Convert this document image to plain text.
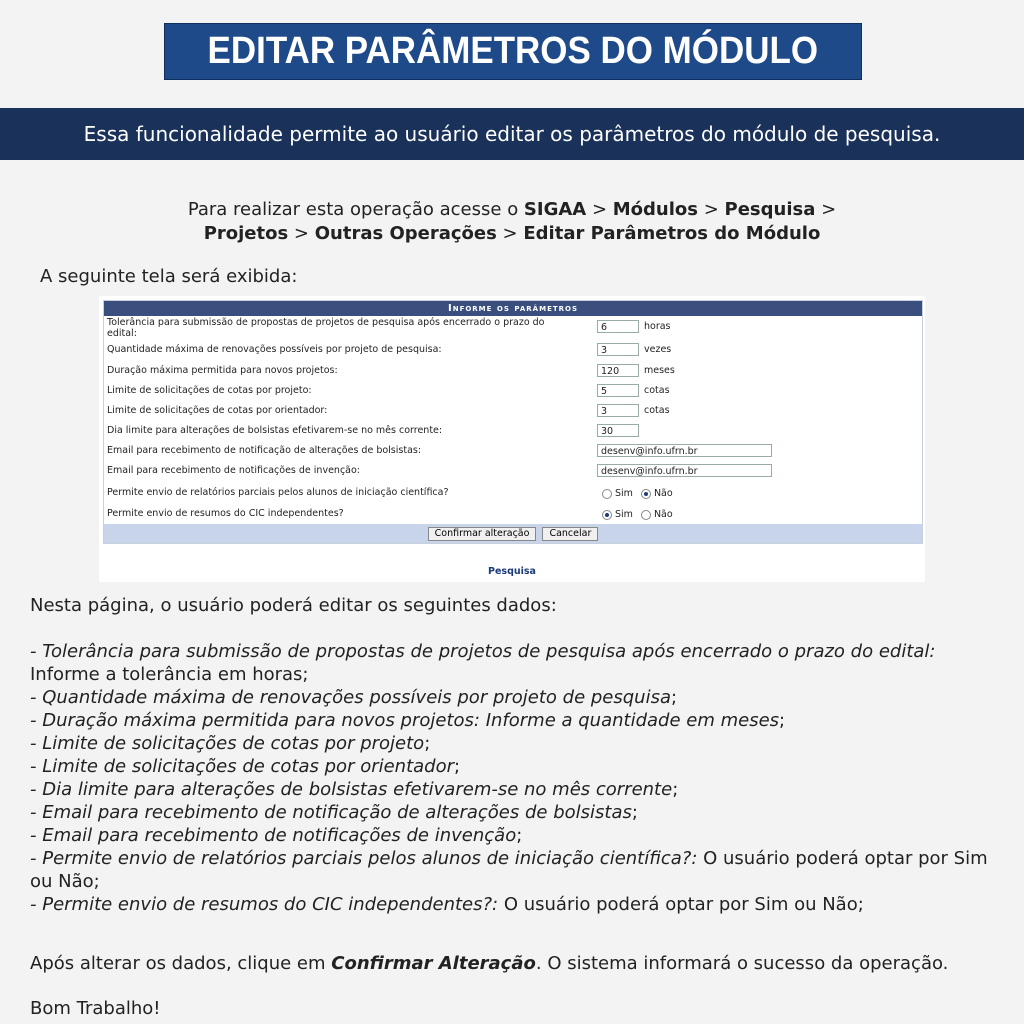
EDITAR PARÂMETROS DO MÓDULO
Essa funcionalidade permite ao usuário editar os parâmetros do módulo de pesquisa.
Para realizar esta operação acesse o SIGAA > Módulos > Pesquisa >
Projetos > Outras Operações > Editar Parâmetros do Módulo
A seguinte tela será exibida:
Informe os parâmetros
Tolerância para submissão de propostas de projetos de pesquisa após encerrado o prazo do edital:
6	horas
Quantidade máxima de renovações possíveis por projeto de pesquisa:	3	vezes
Duração máxima permitida para novos projetos:	120	meses
Limite de solicitações de cotas por projeto:	5	cotas
Limite de solicitações de cotas por orientador:	3	cotas
Dia limite para alterações de bolsistas efetivarem-se no mês corrente:	30
Email para recebimento de notificação de alterações de bolsistas:	desenv@info.ufrn.br
Email para recebimento de notificações de invenção:	desenv@info.ufrn.br
Permite envio de relatórios parciais pelos alunos de iniciação científica?	Sim Não
Permite envio de resumos do CIC independentes?	Sim Não
Confirmar alteração	Cancelar
Pesquisa
Nesta página, o usuário poderá editar os seguintes dados:
- Tolerância para submissão de propostas de projetos de pesquisa após encerrado o prazo do edital: Informe a tolerância em horas;
- Quantidade máxima de renovações possíveis por projeto de pesquisa;
- Duração máxima permitida para novos projetos: Informe a quantidade em meses;
- Limite de solicitações de cotas por projeto;
- Limite de solicitações de cotas por orientador;
- Dia limite para alterações de bolsistas efetivarem-se no mês corrente;
- Email para recebimento de notificação de alterações de bolsistas;
- Email para recebimento de notificações de invenção;
- Permite envio de relatórios parciais pelos alunos de iniciação científica?: O usuário poderá optar por Sim ou Não;
- Permite envio de resumos do CIC independentes?: O usuário poderá optar por Sim ou Não;
Após alterar os dados, clique em Confirmar Alteração. O sistema informará o sucesso da operação.
Bom Trabalho!
